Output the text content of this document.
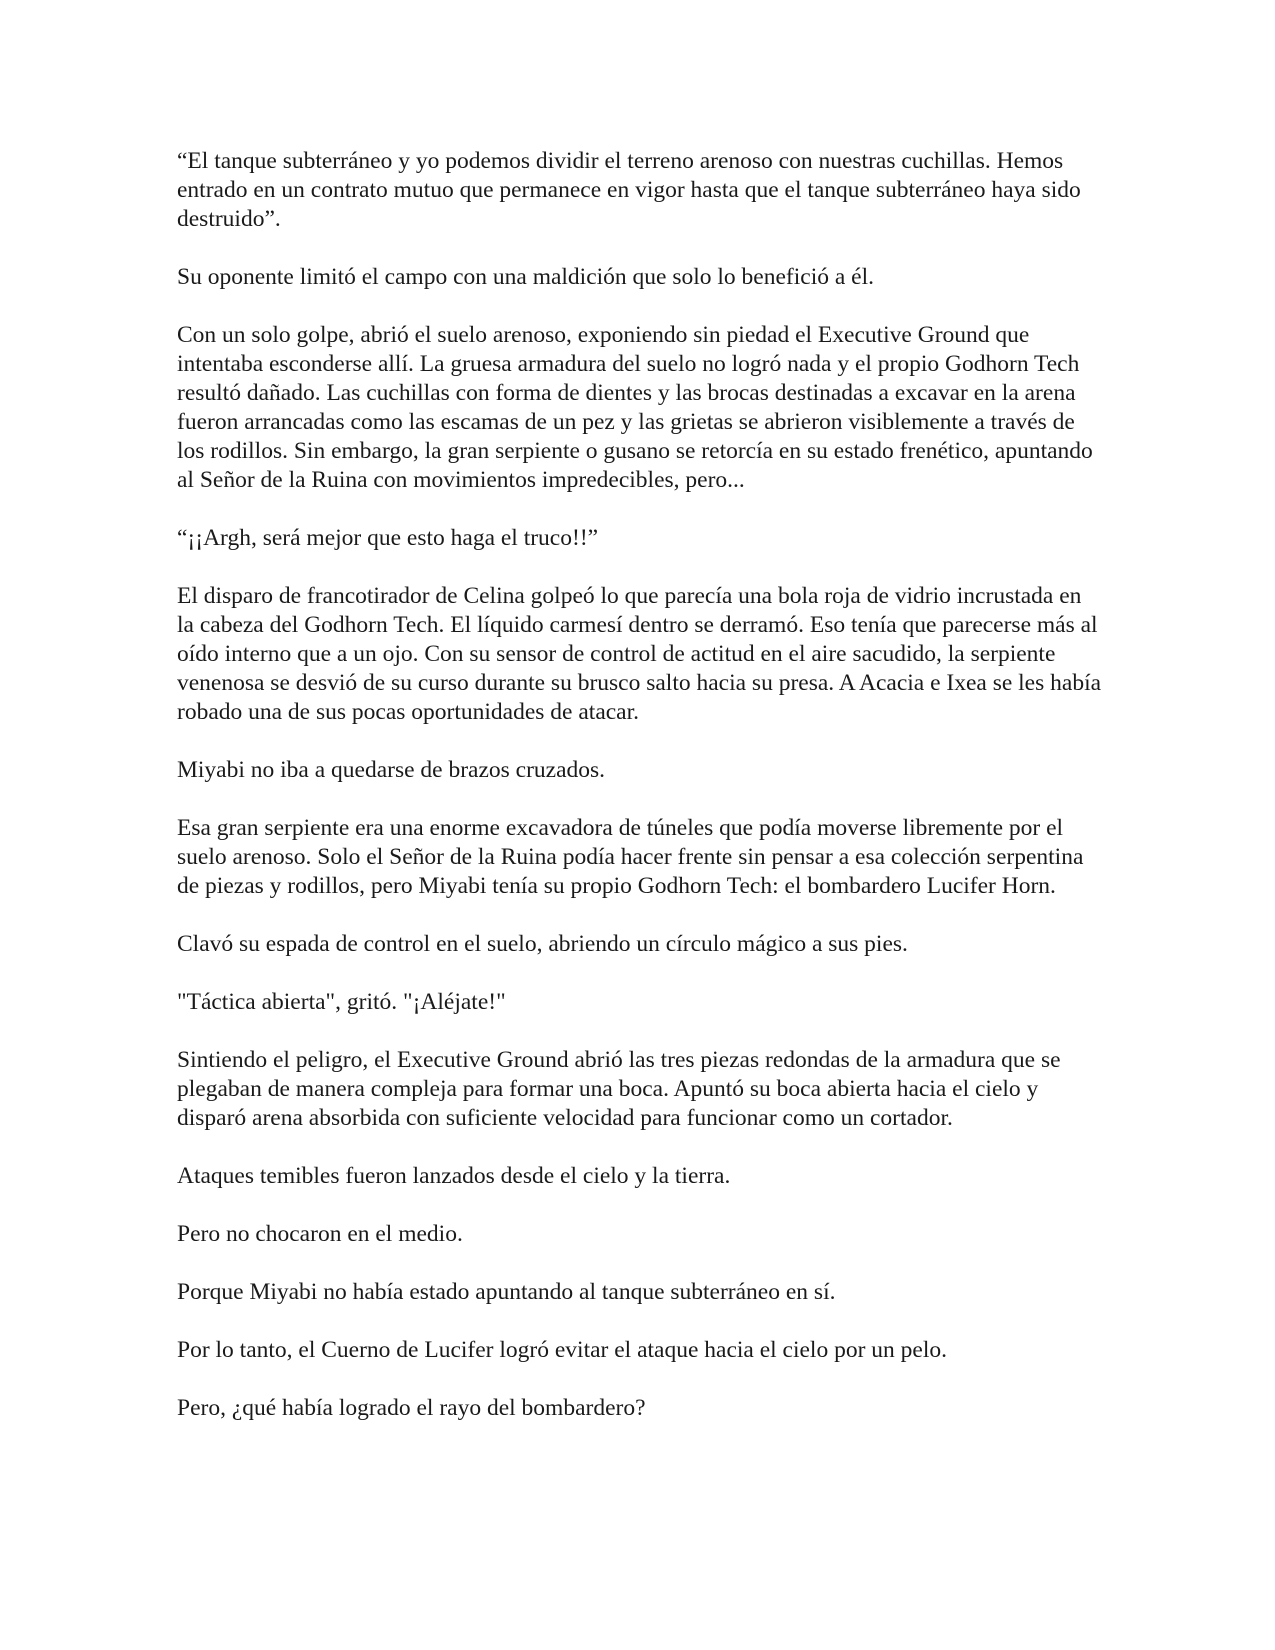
“El tanque subterráneo y yo podemos dividir el terreno arenoso con nuestras cuchillas. Hemos entrado en un contrato mutuo que permanece en vigor hasta que el tanque subterráneo haya sido destruido”.

Su oponente limitó el campo con una maldición que solo lo benefició a él.

Con un solo golpe, abrió el suelo arenoso, exponiendo sin piedad el Executive Ground que intentaba esconderse allí. La gruesa armadura del suelo no logró nada y el propio Godhorn Tech resultó dañado. Las cuchillas con forma de dientes y las brocas destinadas a excavar en la arena fueron arrancadas como las escamas de un pez y las grietas se abrieron visiblemente a través de los rodillos. Sin embargo, la gran serpiente o gusano se retorcía en su estado frenético, apuntando al Señor de la Ruina con movimientos impredecibles, pero...

“¡¡Argh, será mejor que esto haga el truco!!”

El disparo de francotirador de Celina golpeó lo que parecía una bola roja de vidrio incrustada en la cabeza del Godhorn Tech. El líquido carmesí dentro se derramó. Eso tenía que parecerse más al oído interno que a un ojo. Con su sensor de control de actitud en el aire sacudido, la serpiente venenosa se desvió de su curso durante su brusco salto hacia su presa. A Acacia e Ixea se les había robado una de sus pocas oportunidades de atacar.

Miyabi no iba a quedarse de brazos cruzados.

Esa gran serpiente era una enorme excavadora de túneles que podía moverse libremente por el suelo arenoso. Solo el Señor de la Ruina podía hacer frente sin pensar a esa colección serpentina de piezas y rodillos, pero Miyabi tenía su propio Godhorn Tech: el bombardero Lucifer Horn.

Clavó su espada de control en el suelo, abriendo un círculo mágico a sus pies.

"Táctica abierta", gritó. "¡Aléjate!"

Sintiendo el peligro, el Executive Ground abrió las tres piezas redondas de la armadura que se plegaban de manera compleja para formar una boca. Apuntó su boca abierta hacia el cielo y disparó arena absorbida con suficiente velocidad para funcionar como un cortador.

Ataques temibles fueron lanzados desde el cielo y la tierra.

Pero no chocaron en el medio.

Porque Miyabi no había estado apuntando al tanque subterráneo en sí.

Por lo tanto, el Cuerno de Lucifer logró evitar el ataque hacia el cielo por un pelo.

Pero, ¿qué había logrado el rayo del bombardero?
